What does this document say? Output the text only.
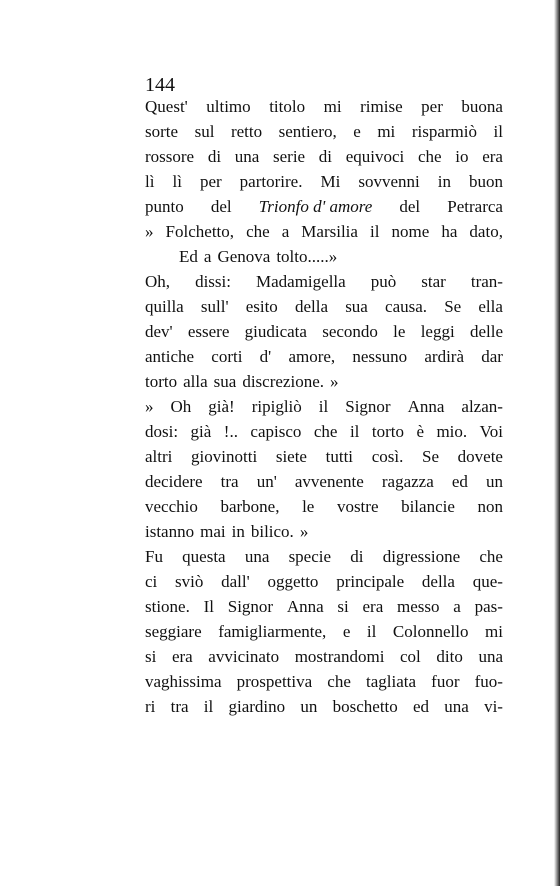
144
Quest' ultimo titolo mi rimise per buona
sorte sul retto sentiero, e mi risparmiò il
rossore di una serie di equivoci che io era
lì lì per partorire. Mi sovvenni in buon
punto del Trionfo d' amore del Petrarca
» Folchetto, che a Marsilia il nome ha dato,
Ed a Genova tolto.....»
Oh, dissi: Madamigella può star tran-
quilla sull' esito della sua causa. Se ella
dev' essere giudicata secondo le leggi delle
antiche corti d' amore, nessuno ardirà dar
torto alla sua discrezione. »
» Oh già! ripigliò il Signor Anna alzan-
dosi: già !.. capisco che il torto è mio. Voi
altri giovinotti siete tutti così. Se dovete
decidere tra un' avvenente ragazza ed un
vecchio barbone, le vostre bilancie non
istanno mai in bilico. »
Fu questa una specie di digressione che
ci sviò dall' oggetto principale della que-
stione. Il Signor Anna si era messo a pas-
seggiare famigliarmente, e il Colonnello mi
si era avvicinato mostrandomi col dito una
vaghissima prospettiva che tagliata fuor fuo-
ri tra il giardino un boschetto ed una vi-
